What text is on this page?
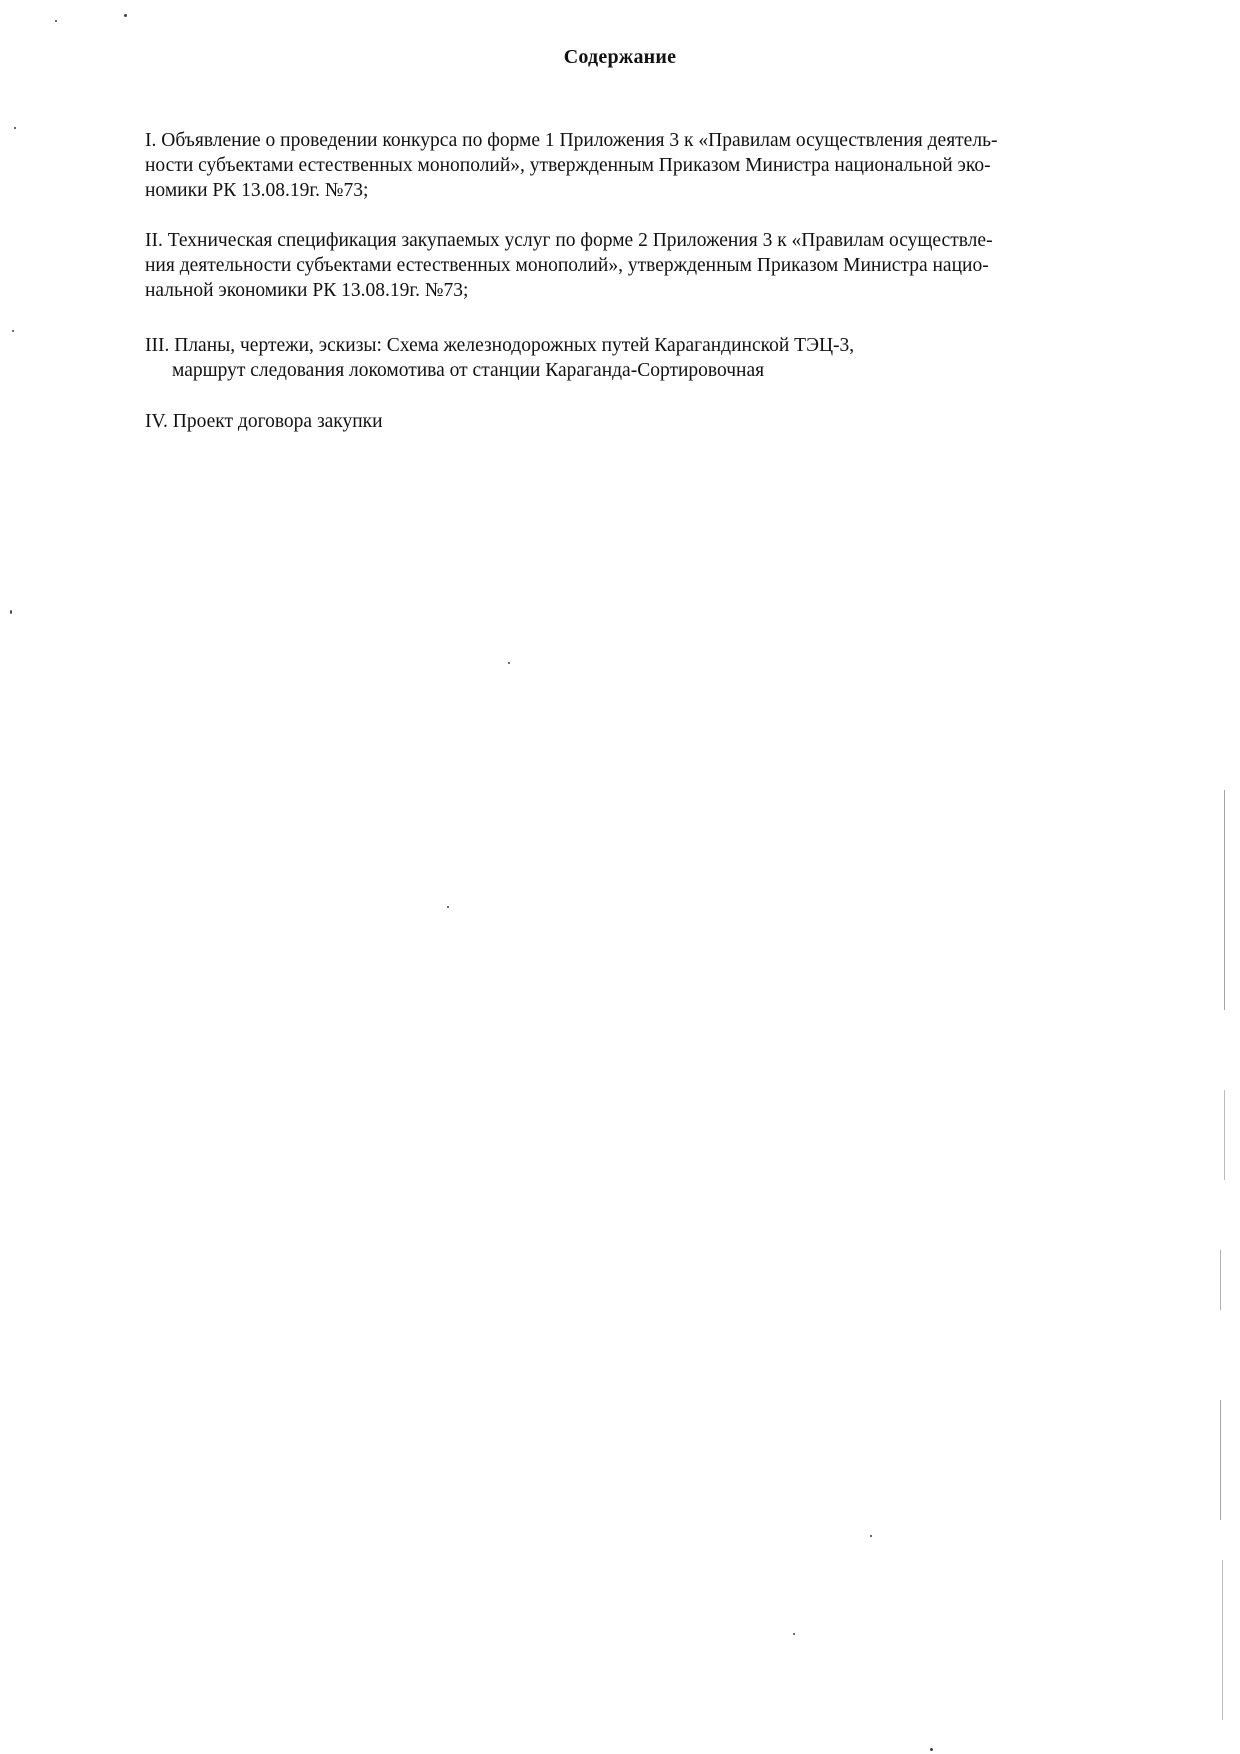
Содержание
I. Объявление о проведении конкурса по форме 1 Приложения 3 к «Правилам осуществления деятель-
ности субъектами естественных монополий», утвержденным Приказом Министра национальной эко-
номики РК 13.08.19г. №73;
II. Техническая спецификация закупаемых услуг по форме 2 Приложения 3 к «Правилам осуществле-
ния деятельности субъектами естественных монополий», утвержденным Приказом Министра нацио-
нальной экономики РК 13.08.19г. №73;
III. Планы, чертежи, эскизы: Схема железнодорожных путей Карагандинской ТЭЦ-3,
маршрут следования локомотива от станции Караганда-Сортировочная
IV. Проект договора закупки
